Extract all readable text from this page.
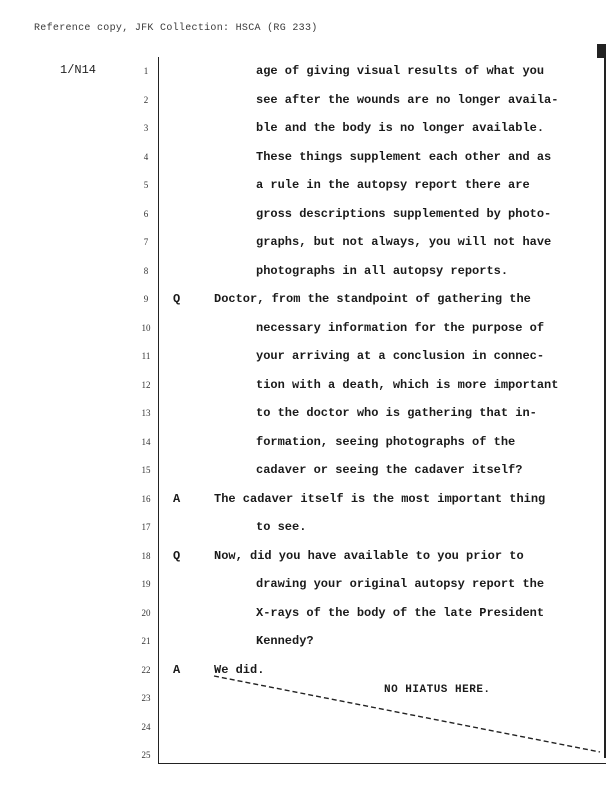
Reference copy, JFK Collection: HSCA (RG 233)
1/N14	1	age of giving visual results of what you
2	see after the wounds are no longer availa-
3	ble and the body is no longer available.
4	These things supplement each other and as
5	a rule in the autopsy report there are
6	gross descriptions supplemented by photo-
7	graphs, but not always, you will not have
8	photographs in all autopsy reports.
9	Q	Doctor, from the standpoint of gathering the
10	necessary information for the purpose of
11	your arriving at a conclusion in connec-
12	tion with a death, which is more important
13	to the doctor who is gathering that in-
14	formation, seeing photographs of the
15	cadaver or seeing the cadaver itself?
16	A	The cadaver itself is the most important thing
17	to see.
18	Q	Now, did you have available to you prior to
19	drawing your original autopsy report the
20	X-rays of the body of the late President
21	Kennedy?
22	A	We did.
23
24
25
NO HIATUS HERE.
